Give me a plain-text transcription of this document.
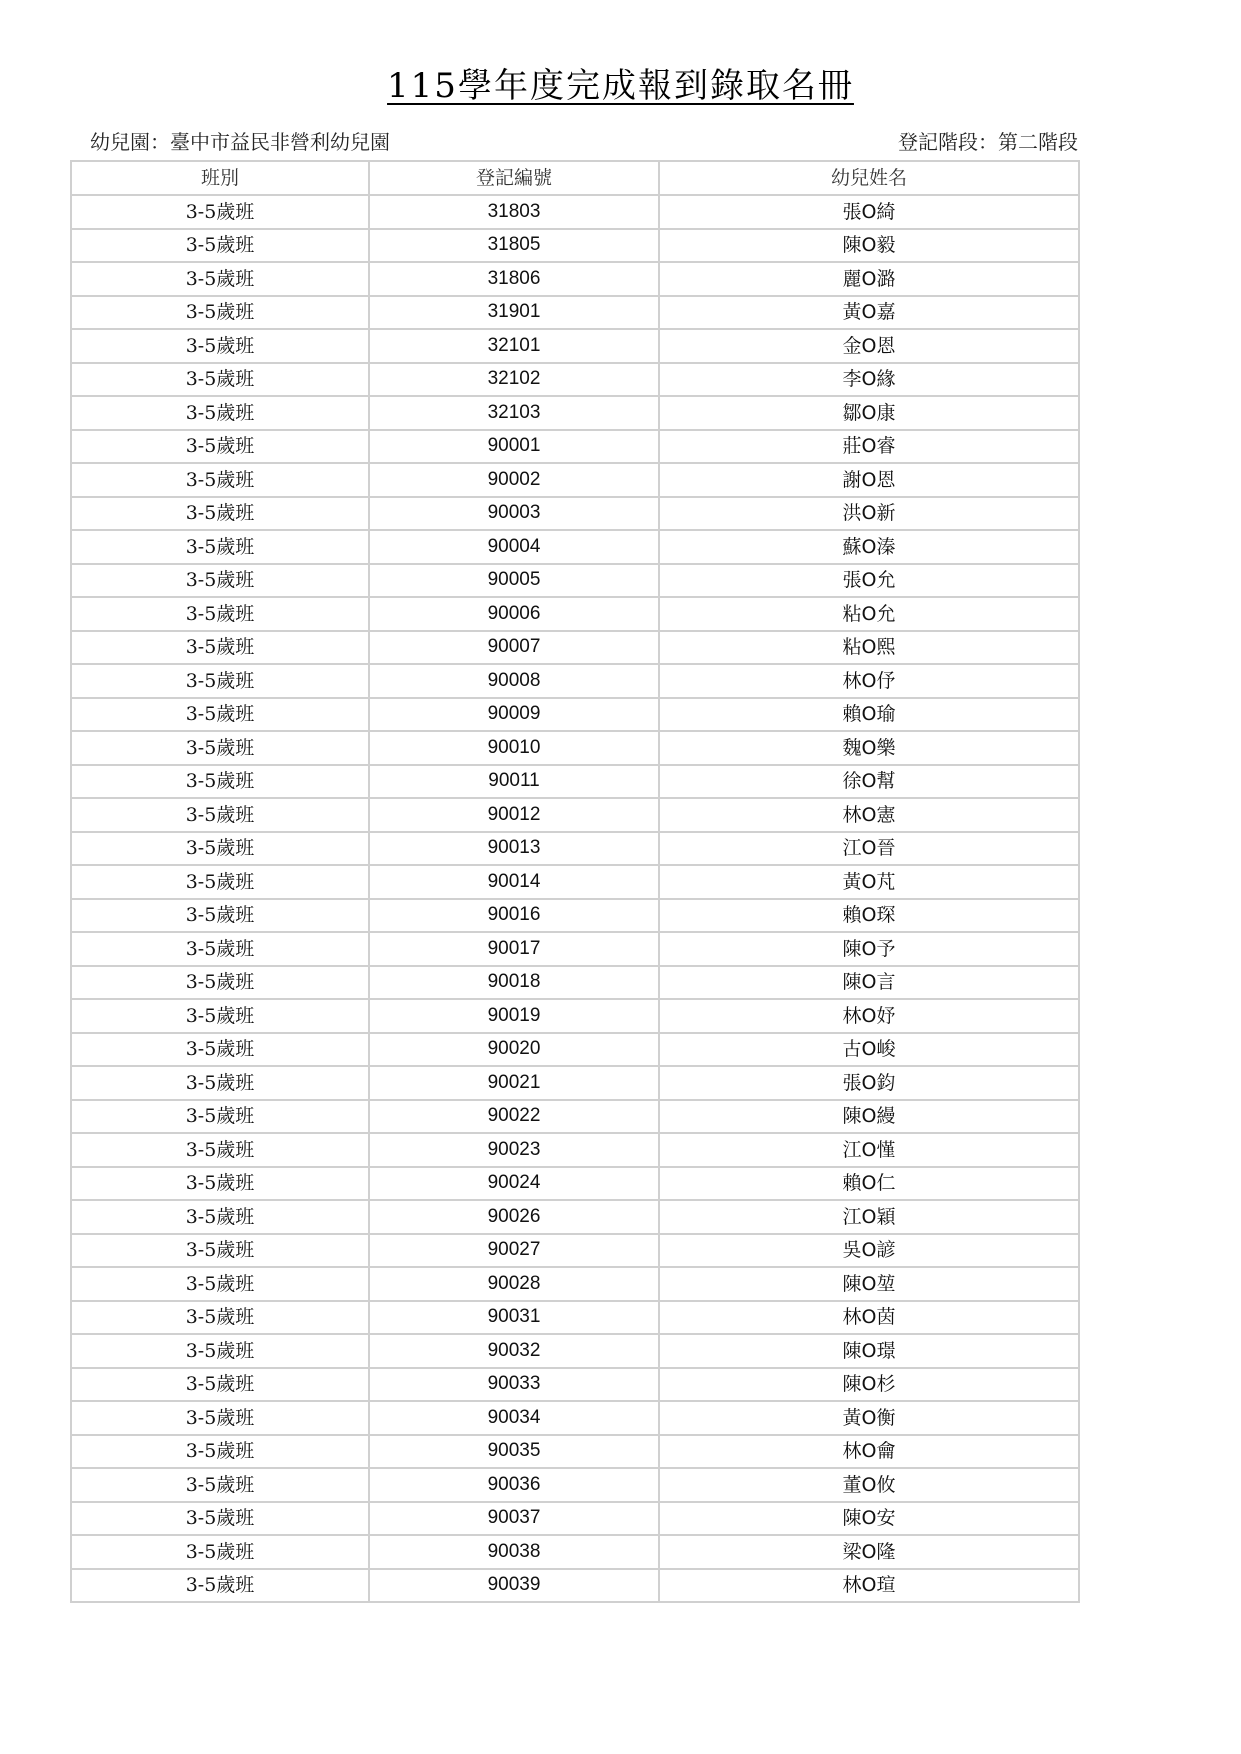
115學年度完成報到錄取名冊
幼兒園：臺中市益民非營利幼兒園	登記階段：第二階段
班別	登記編號	幼兒姓名
3-5歲班	31803	張O綺
3-5歲班	31805	陳O毅
3-5歲班	31806	麗O潞
3-5歲班	31901	黃O嘉
3-5歲班	32101	金O恩
3-5歲班	32102	李O緣
3-5歲班	32103	鄒O康
3-5歲班	90001	莊O睿
3-5歲班	90002	謝O恩
3-5歲班	90003	洪O新
3-5歲班	90004	蘇O溱
3-5歲班	90005	張O允
3-5歲班	90006	粘O允
3-5歲班	90007	粘O熙
3-5歲班	90008	林O伃
3-5歲班	90009	賴O瑜
3-5歲班	90010	魏O樂
3-5歲班	90011	徐O幫
3-5歲班	90012	林O憲
3-5歲班	90013	江O晉
3-5歲班	90014	黃O芃
3-5歲班	90016	賴O琛
3-5歲班	90017	陳O予
3-5歲班	90018	陳O言
3-5歲班	90019	林O妤
3-5歲班	90020	古O峻
3-5歲班	90021	張O鈞
3-5歲班	90022	陳O縵
3-5歲班	90023	江O慬
3-5歲班	90024	賴O仁
3-5歲班	90026	江O穎
3-5歲班	90027	吳O諺
3-5歲班	90028	陳O堃
3-5歲班	90031	林O茵
3-5歲班	90032	陳O璟
3-5歲班	90033	陳O杉
3-5歲班	90034	黃O衡
3-5歲班	90035	林O龠
3-5歲班	90036	董O攸
3-5歲班	90037	陳O安
3-5歲班	90038	梁O隆
3-5歲班	90039	林O瑄
